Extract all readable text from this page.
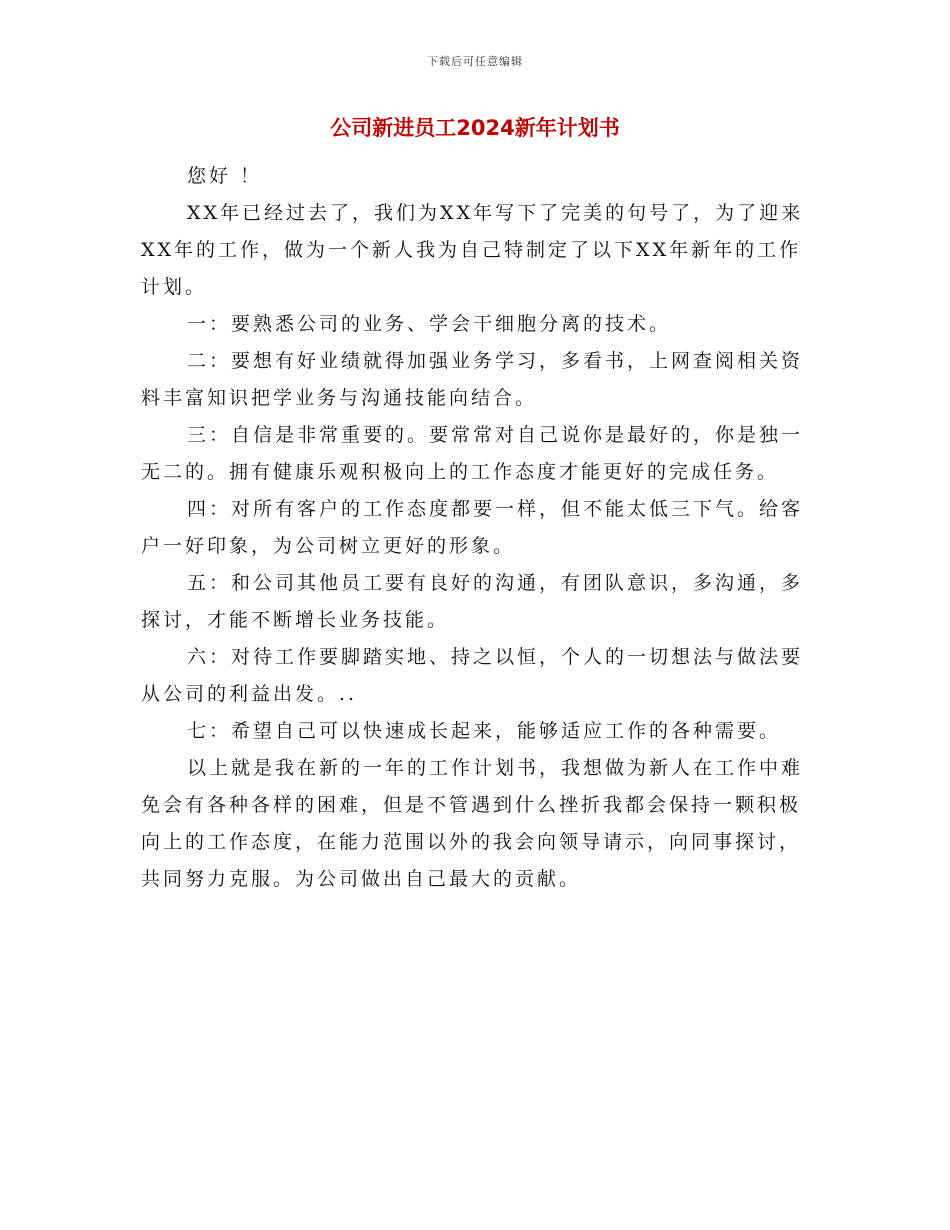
下载后可任意编辑
公司新进员工2024新年计划书

您好 ！

XX年已经过去了，我们为XX年写下了完美的句号了，为了迎来XX年的工作，做为一个新人我为自己特制定了以下XX年新年的工作计划。

一：要熟悉公司的业务、学会干细胞分离的技术。

二：要想有好业绩就得加强业务学习，多看书，上网查阅相关资料丰富知识把学业务与沟通技能向结合。

三：自信是非常重要的。要常常对自己说你是最好的，你是独一无二的。拥有健康乐观积极向上的工作态度才能更好的完成任务。

四：对所有客户的工作态度都要一样，但不能太低三下气。给客户一好印象，为公司树立更好的形象。

五：和公司其他员工要有良好的沟通，有团队意识，多沟通，多探讨，才能不断增长业务技能。

六：对待工作要脚踏实地、持之以恒，个人的一切想法与做法要从公司的利益出发。..

七：希望自己可以快速成长起来，能够适应工作的各种需要。

以上就是我在新的一年的工作计划书，我想做为新人在工作中难免会有各种各样的困难，但是不管遇到什么挫折我都会保持一颗积极向上的工作态度，在能力范围以外的我会向领导请示，向同事探讨，共同努力克服。为公司做出自己最大的贡献。
